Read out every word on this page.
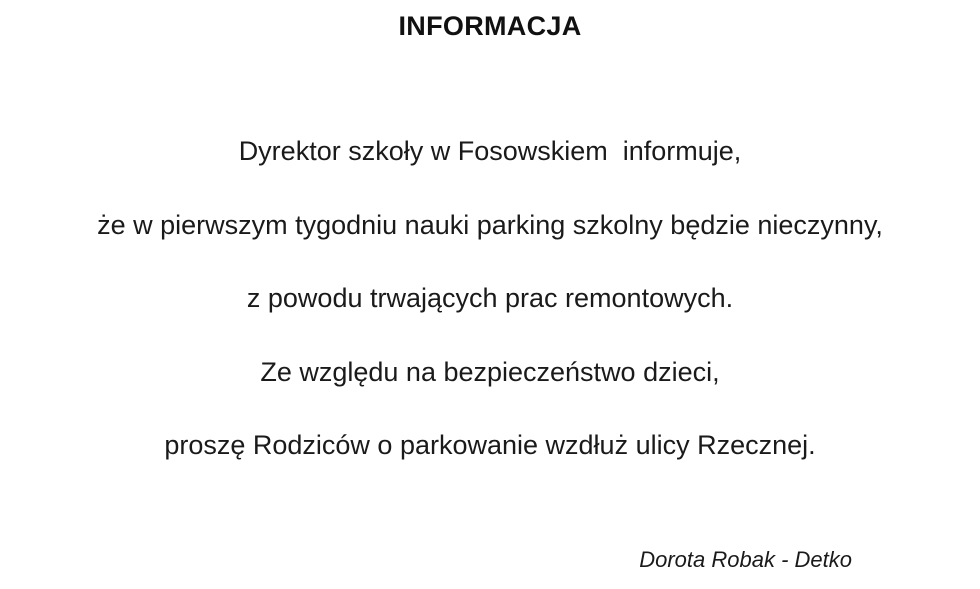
INFORMACJA

Dyrektor szkoły w Fosowskiem  informuje,

że w pierwszym tygodniu nauki parking szkolny będzie nieczynny,

z powodu trwających prac remontowych.

Ze względu na bezpieczeństwo dzieci,

proszę Rodziców o parkowanie wzdłuż ulicy Rzecznej.

Dorota Robak - Detko
